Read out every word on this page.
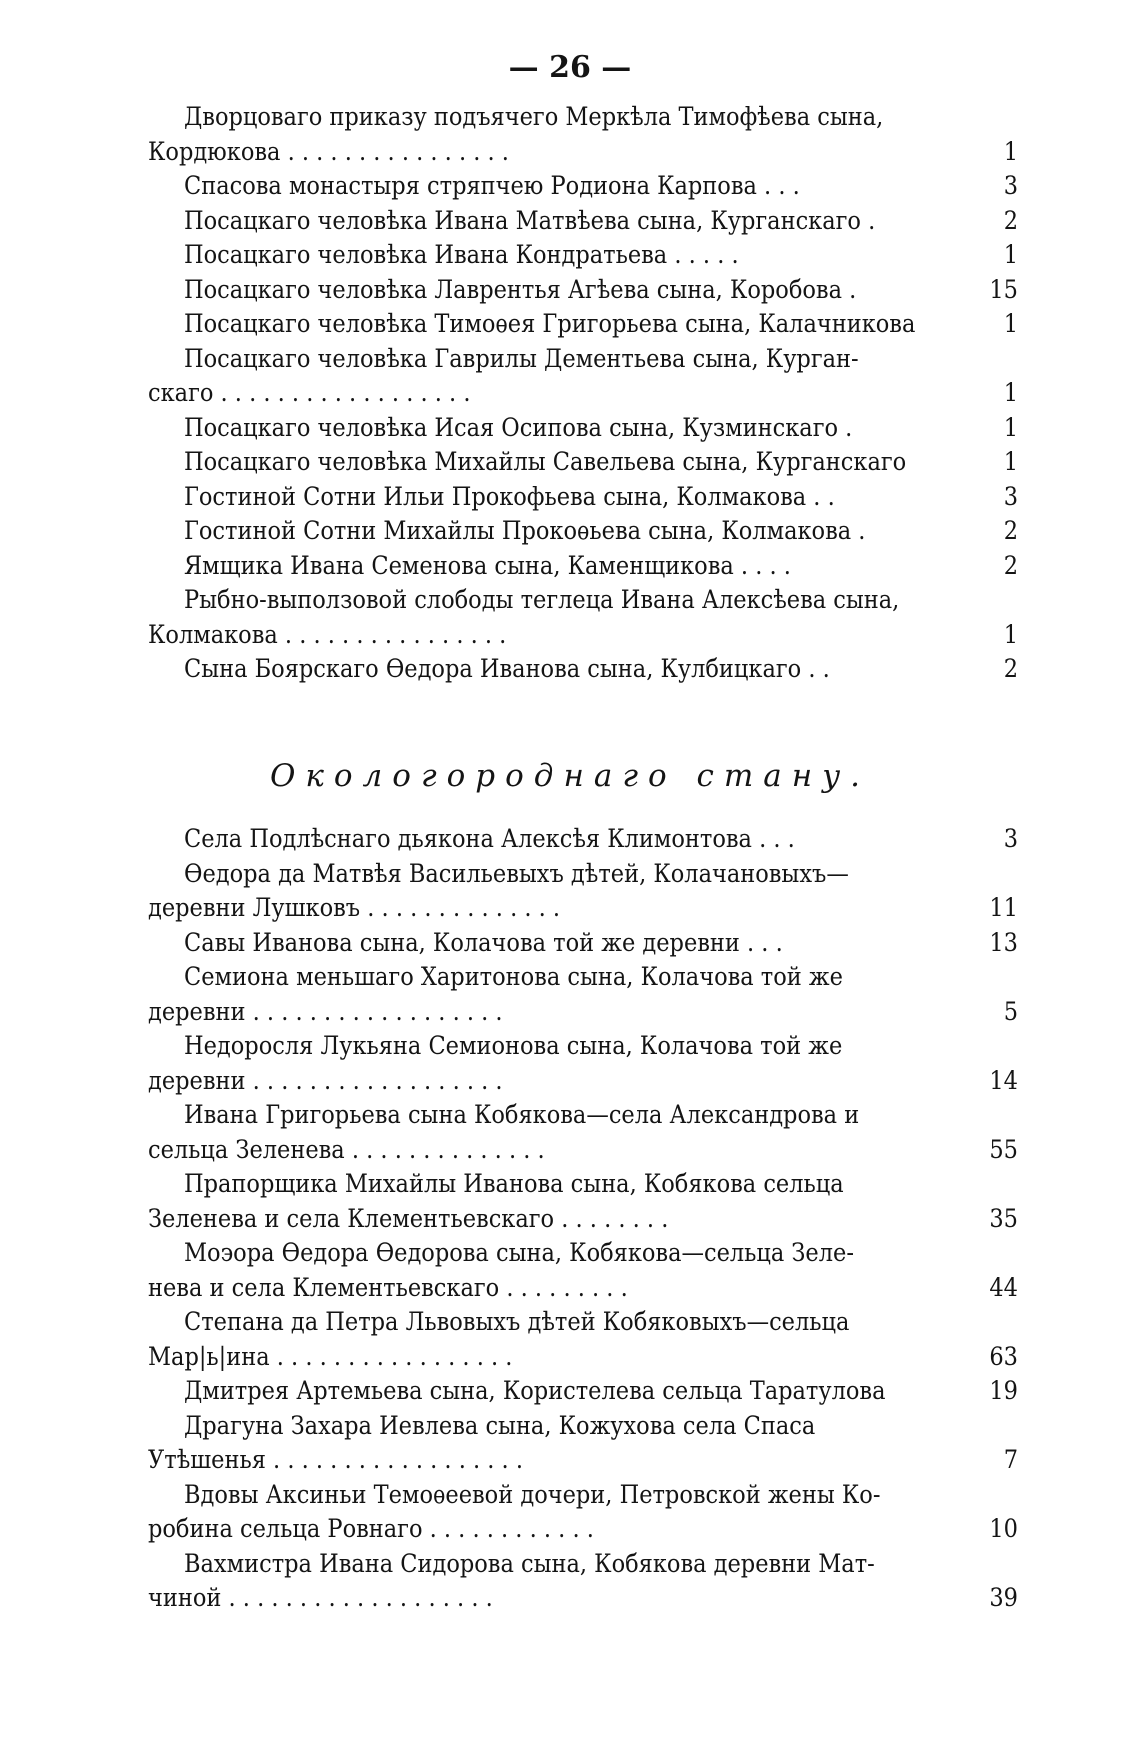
— 26 —
Дворцоваго приказу подъячего Меркѣла Тимофѣева сына,
Кордюкова . . . . . . . . . . . . . . . .	1
Спасова монастыря стряпчею Родиона Карпова . . .	3
Посацкаго человѣка Ивана Матвѣева сына, Курганскаго .	2
Посацкаго человѣка Ивана Кондратьева . . . . .	1
Посацкаго человѣка Лаврентья Агѣева сына, Коробова .	15
Посацкаго человѣка Тимоѳея Григорьева сына, Калачникова	1
Посацкаго человѣка Гаврилы Дементьева сына, Курган-
скаго . . . . . . . . . . . . . . . . . .	1
Посацкаго человѣка Исая Осипова сына, Кузминскаго .	1
Посацкаго человѣка Михайлы Савельева сына, Курганскаго	1
Гостиной Сотни Ильи Прокофьева сына, Колмакова . .	3
Гостиной Сотни Михайлы Прокоѳьева сына, Колмакова .	2
Ямщика Ивана Семенова сына, Каменщикова . . . .	2
Рыбно-выползовой слободы теглеца Ивана Алексѣева сына,
Колмакова . . . . . . . . . . . . . . . .	1
Сына Боярскаго Ѳедора Иванова сына, Кулбицкаго . .	2
Окологороднаго стану.
Села Подлѣснаго дьякона Алексѣя Климонтова . . .	3
Ѳедора да Матвѣя Васильевыхъ дѣтей, Колачановыхъ—
деревни Лушковъ . . . . . . . . . . . . . .	11
Савы Иванова сына, Колачова той же деревни . . .	13
Семиона меньшаго Харитонова сына, Колачова той же
деревни . . . . . . . . . . . . . . . . . .	5
Недоросля Лукьяна Семионова сына, Колачова той же
деревни . . . . . . . . . . . . . . . . . .	14
Ивана Григорьева сына Кобякова—села Александрова и
сельца Зеленева . . . . . . . . . . . . . .	55
Прапорщика Михайлы Иванова сына, Кобякова сельца
Зеленева и села Клементьевскаго . . . . . . . .	35
Моэора Ѳедора Ѳедорова сына, Кобякова—сельца Зеле-
нева и села Клементьевскаго . . . . . . . . .	44
Степана да Петра Львовыхъ дѣтей Кобяковыхъ—сельца
Мар|ь|ина . . . . . . . . . . . . . . . . .	63
Дмитрея Артемьева сына, Користелева сельца Таратулова	19
Драгуна Захара Иевлева сына, Кожухова села Спаса
Утѣшенья . . . . . . . . . . . . . . . . . .	7
Вдовы Аксиньи Темоѳеевой дочери, Петровской жены Ко-
робина сельца Ровнаго . . . . . . . . . . . .	10
Вахмистра Ивана Сидорова сына, Кобякова деревни Мат-
чиной . . . . . . . . . . . . . . . . . . .	39
